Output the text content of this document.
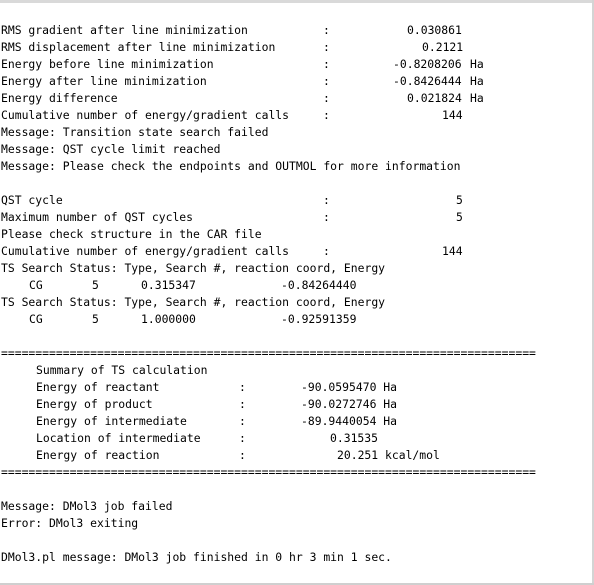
RMS gradient after line minimization	:	0.030861
RMS displacement after line minimization	:	0.2121
Energy before line minimization	:	-0.8208206 Ha
Energy after line minimization	:	-0.8426444 Ha
Energy difference	:	0.021824 Ha
Cumulative number of energy/gradient calls	:	144
Message: Transition state search failed
Message: QST cycle limit reached
Message: Please check the endpoints and OUTMOL for more information
QST cycle	:	5
Maximum number of QST cycles	:	5
Please check structure in the CAR file
Cumulative number of energy/gradient calls	:	144
TS Search Status: Type, Search #, reaction coord, Energy
CG	5	0.315347	-0.84264440
TS Search Status: Type, Search #, reaction coord, Energy
CG	5	1.000000	-0.92591359
==============================================================================
Summary of TS calculation
Energy of reactant	:	-90.0595470 Ha
Energy of product	:	-90.0272746 Ha
Energy of intermediate	:	-89.9440054 Ha
Location of intermediate	:	0.31535
Energy of reaction	:	20.251 kcal/mol
==============================================================================
Message: DMol3 job failed
Error: DMol3 exiting
DMol3.pl message: DMol3 job finished in 0 hr 3 min 1 sec.
